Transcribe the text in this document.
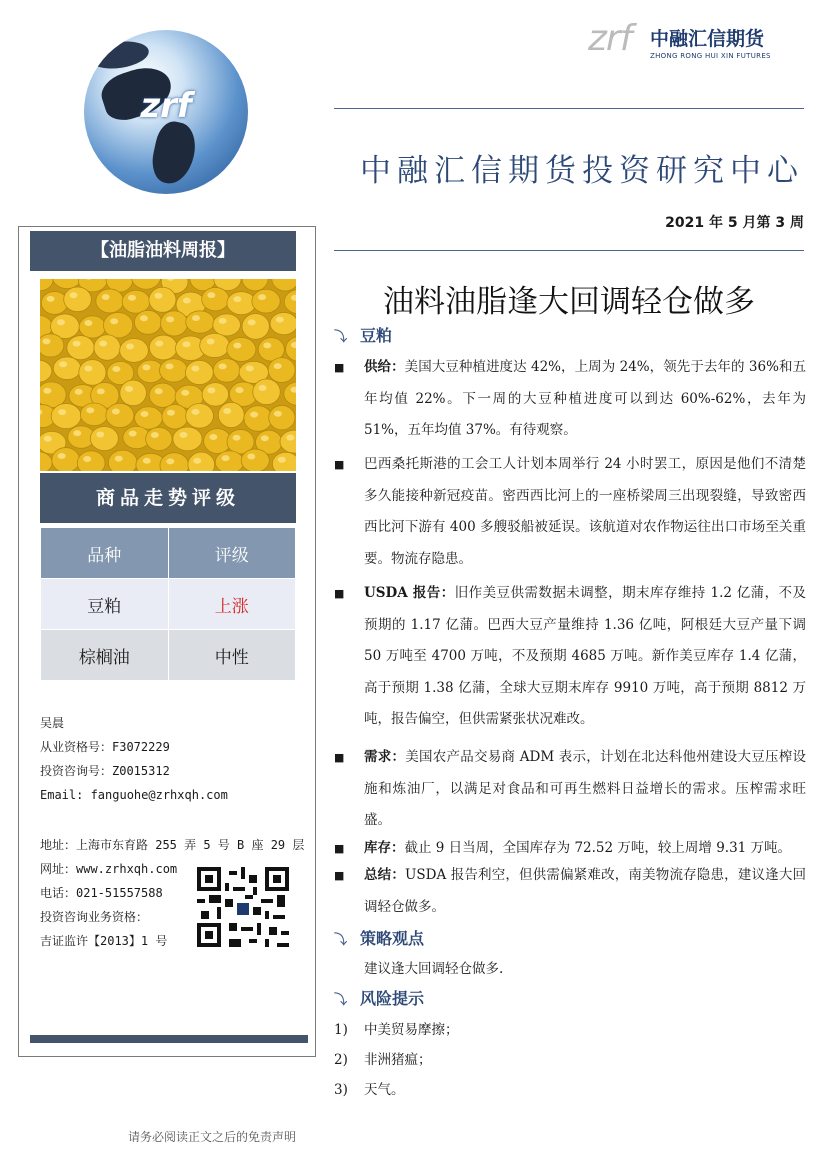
zrf
zrf 中融汇信期货
ZHONG RONG HUI XIN FUTURES
中融汇信期货投资研究中心
2021 年 5 月第 3 周
【油脂油料周报】
商品走势评级
品种	评级
豆粕	上涨
棕榈油	中性
吴晨
从业资格号：F3072229
投资咨询号：Z0015312
Email: fanguohe@zrhxqh.com
地址：上海市东育路 255 弄 5 号 B 座 29 层
网址：www.zrhxqh.com
电话：021-51557588
投资咨询业务资格：
吉证监许【2013】1 号
油料油脂逢大回调轻仓做多
⤵ 豆粕
■ 供给：美国大豆种植进度达 42%，上周为 24%，领先于去年的 36%和五年均值 22%。下一周的大豆种植进度可以到达 60%-62%，去年为 51%，五年均值 37%。有待观察。
■ 巴西桑托斯港的工会工人计划本周举行 24 小时罢工，原因是他们不清楚多久能接种新冠疫苗。密西西比河上的一座桥梁周三出现裂缝，导致密西西比河下游有 400 多艘驳船被延误。该航道对农作物运往出口市场至关重要。物流存隐患。
■ USDA 报告：旧作美豆供需数据未调整，期末库存维持 1.2 亿蒲，不及预期的 1.17 亿蒲。巴西大豆产量维持 1.36 亿吨，阿根廷大豆产量下调 50 万吨至 4700 万吨，不及预期 4685 万吨。新作美豆库存 1.4 亿蒲，高于预期 1.38 亿蒲，全球大豆期末库存 9910 万吨，高于预期 8812 万吨，报告偏空，但供需紧张状况难改。
■ 需求：美国农产品交易商 ADM 表示，计划在北达科他州建设大豆压榨设施和炼油厂，以满足对食品和可再生燃料日益增长的需求。压榨需求旺盛。
■ 库存：截止 9 日当周，全国库存为 72.52 万吨，较上周增 9.31 万吨。
■ 总结：USDA 报告利空，但供需偏紧难改，南美物流存隐患，建议逢大回调轻仓做多。
⤵ 策略观点
建议逢大回调轻仓做多.
⤵ 风险提示
1) 中美贸易摩擦；
2) 非洲猪瘟；
3) 天气。
请务必阅读正文之后的免责声明
